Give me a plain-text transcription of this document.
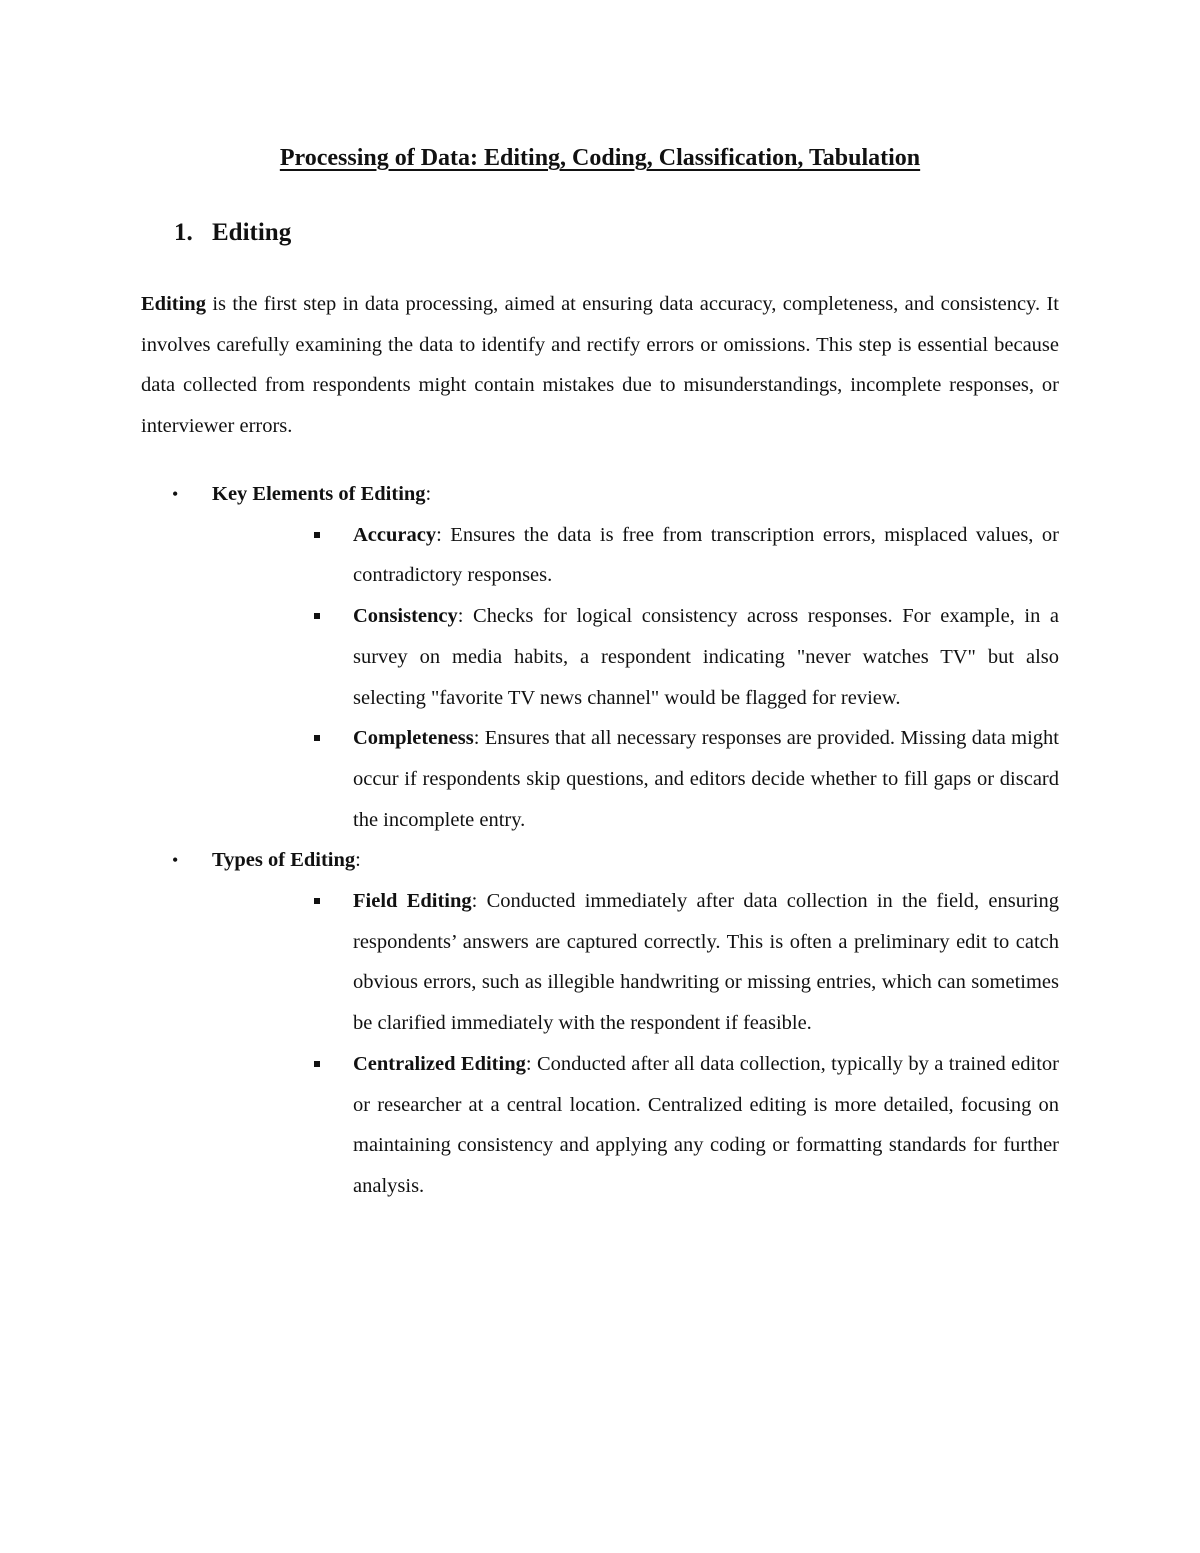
Processing of Data: Editing, Coding, Classification, Tabulation
1. Editing

Editing is the first step in data processing, aimed at ensuring data accuracy, completeness, and consistency. It involves carefully examining the data to identify and rectify errors or omissions. This step is essential because data collected from respondents might contain mistakes due to misunderstandings, incomplete responses, or interviewer errors.

• Key Elements of Editing:
Accuracy: Ensures the data is free from transcription errors, misplaced values, or contradictory responses.
Consistency: Checks for logical consistency across responses. For example, in a survey on media habits, a respondent indicating "never watches TV" but also selecting "favorite TV news channel" would be flagged for review.
Completeness: Ensures that all necessary responses are provided. Missing data might occur if respondents skip questions, and editors decide whether to fill gaps or discard the incomplete entry.
• Types of Editing:
Field Editing: Conducted immediately after data collection in the field, ensuring respondents’ answers are captured correctly. This is often a preliminary edit to catch obvious errors, such as illegible handwriting or missing entries, which can sometimes be clarified immediately with the respondent if feasible.
Centralized Editing: Conducted after all data collection, typically by a trained editor or researcher at a central location. Centralized editing is more detailed, focusing on maintaining consistency and applying any coding or formatting standards for further analysis.
